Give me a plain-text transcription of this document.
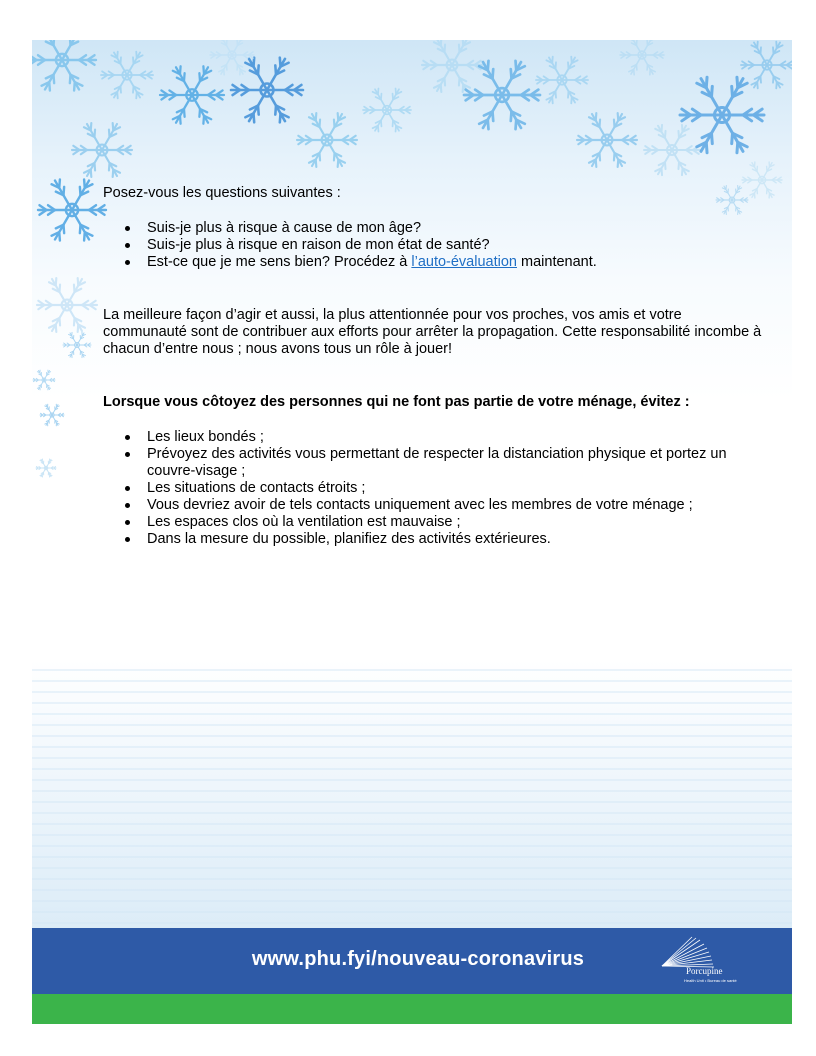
Posez-vous les questions suivantes :

Suis-je plus à risque à cause de mon âge?
Suis-je plus à risque en raison de mon état de santé?
Est-ce que je me sens bien? Procédez à l’auto-évaluation maintenant.

La meilleure façon d’agir et aussi, la plus attentionnée pour vos proches, vos amis et votre communauté sont de contribuer aux efforts pour arrêter la propagation. Cette responsabilité incombe à chacun d’entre nous ; nous avons tous un rôle à jouer!

Lorsque vous côtoyez des personnes qui ne font pas partie de votre ménage, évitez :

Les lieux bondés ;
Prévoyez des activités vous permettant de respecter la distanciation physique et portez un couvre-visage ;
Les situations de contacts étroits ;
Vous devriez avoir de tels contacts uniquement avec les membres de votre ménage ;
Les espaces clos où la ventilation est mauvaise ;
Dans la mesure du possible, planifiez des activités extérieures.
www.phu.fyi/nouveau-coronavirus
Porcupine
Health Unit • Bureau de santé
